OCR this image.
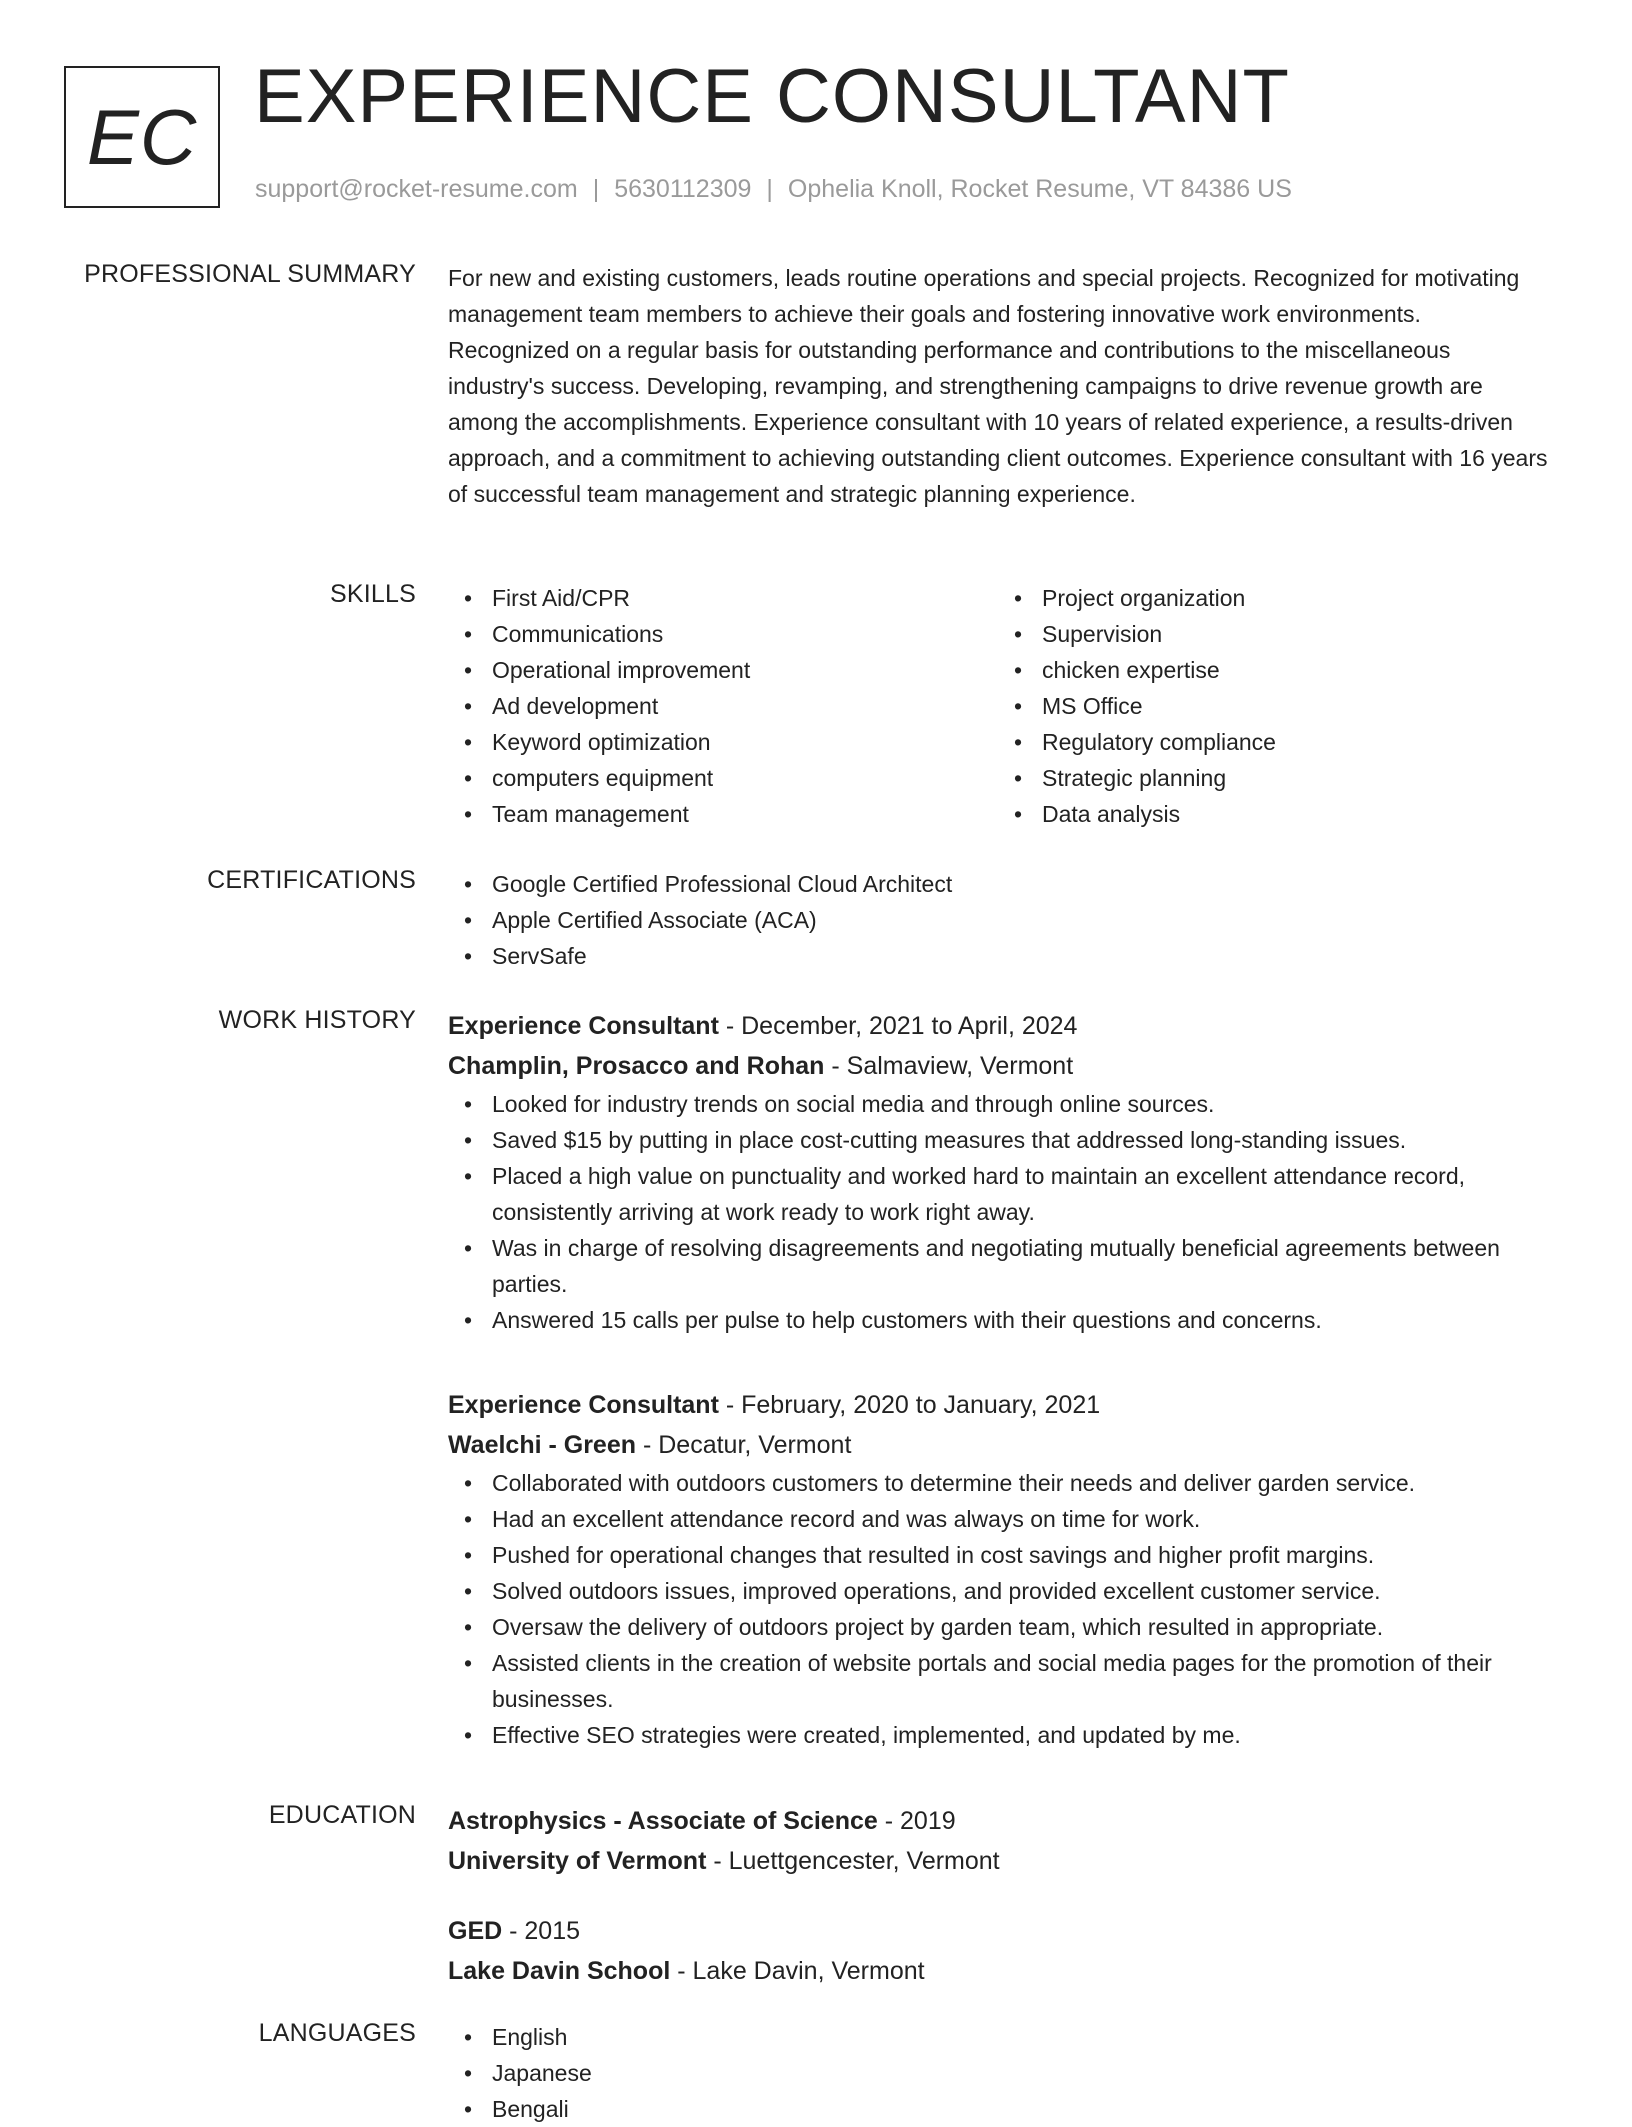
EC EXPERIENCE CONSULTANT
support@rocket-resume.com | 5630112309 | Ophelia Knoll, Rocket Resume, VT 84386 US
PROFESSIONAL SUMMARY For new and existing customers, leads routine operations and special projects. Recognized for motivating management team members to achieve their goals and fostering innovative work environments. Recognized on a regular basis for outstanding performance and contributions to the miscellaneous industry's success. Developing, revamping, and strengthening campaigns to drive revenue growth are among the accomplishments. Experience consultant with 10 years of related experience, a results-driven approach, and a commitment to achieving outstanding client outcomes. Experience consultant with 16 years of successful team management and strategic planning experience.

SKILLS	• First Aid/CPR
• Communications
• Operational improvement
• Ad development
• Keyword optimization
• computers equipment
• Team management
• Project organization
• Supervision
• chicken expertise
• MS Office
• Regulatory compliance
• Strategic planning
• Data analysis
CERTIFICATIONS	• Google Certified Professional Cloud Architect
• Apple Certified Associate (ACA)
• ServSafe
WORK HISTORY Experience Consultant - December, 2021 to April, 2024
Champlin, Prosacco and Rohan - Salmaview, Vermont
• Looked for industry trends on social media and through online sources.
• Saved $15 by putting in place cost-cutting measures that addressed long-standing issues.
• Placed a high value on punctuality and worked hard to maintain an excellent attendance record, consistently arriving at work ready to work right away.
• Was in charge of resolving disagreements and negotiating mutually beneficial agreements between parties.
• Answered 15 calls per pulse to help customers with their questions and concerns.
Experience Consultant - February, 2020 to January, 2021
Waelchi - Green - Decatur, Vermont
• Collaborated with outdoors customers to determine their needs and deliver garden service.
• Had an excellent attendance record and was always on time for work.
• Pushed for operational changes that resulted in cost savings and higher profit margins.
• Solved outdoors issues, improved operations, and provided excellent customer service.
• Oversaw the delivery of outdoors project by garden team, which resulted in appropriate.
• Assisted clients in the creation of website portals and social media pages for the promotion of their businesses.
• Effective SEO strategies were created, implemented, and updated by me.
EDUCATION Astrophysics - Associate of Science - 2019
University of Vermont - Luettgencester, Vermont
GED - 2015
Lake Davin School - Lake Davin, Vermont
LANGUAGES	• English
• Japanese
• Bengali
